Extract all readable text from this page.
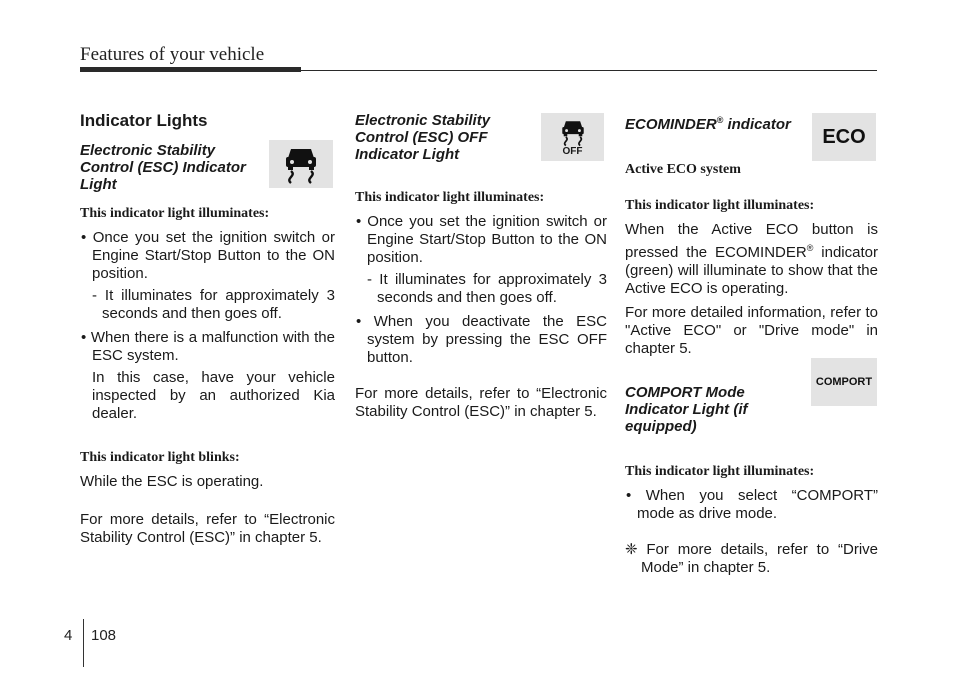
Features of your vehicle
Indicator Lights
Electronic Stability Control (ESC) Indicator Light
This indicator light illuminates:
• Once you set the ignition switch or Engine Start/Stop Button to the ON position.
- It illuminates for approximately 3 seconds and then goes off.
• When there is a malfunction with the ESC system.
In this case, have your vehicle inspected by an authorized Kia dealer.
This indicator light blinks:
While the ESC is operating.
For more details, refer to “Electronic Stability Control (ESC)” in chapter 5.
Electronic Stability Control (ESC) OFF Indicator Light
This indicator light illuminates:
• Once you set the ignition switch or Engine Start/Stop Button to the ON position.
- It illuminates for approximately 3 seconds and then goes off.
• When you deactivate the ESC system by pressing the ESC OFF button.
For more details, refer to “Electronic Stability Control (ESC)” in chapter 5.
OFF
ECOMINDER® indicator
Active ECO system
This indicator light illuminates:
When the Active ECO button is pressed the ECOMINDER® indicator (green) will illuminate to show that the Active ECO is operating.
For more detailed information, refer to "Active ECO" or "Drive mode" in chapter 5.
COMPORT Mode Indicator Light (if equipped)
This indicator light illuminates:
• When you select “COMPORT” mode as drive mode.
❈ For more details, refer to “Drive Mode” in chapter 5.
ECO
COMPORT
4 108
